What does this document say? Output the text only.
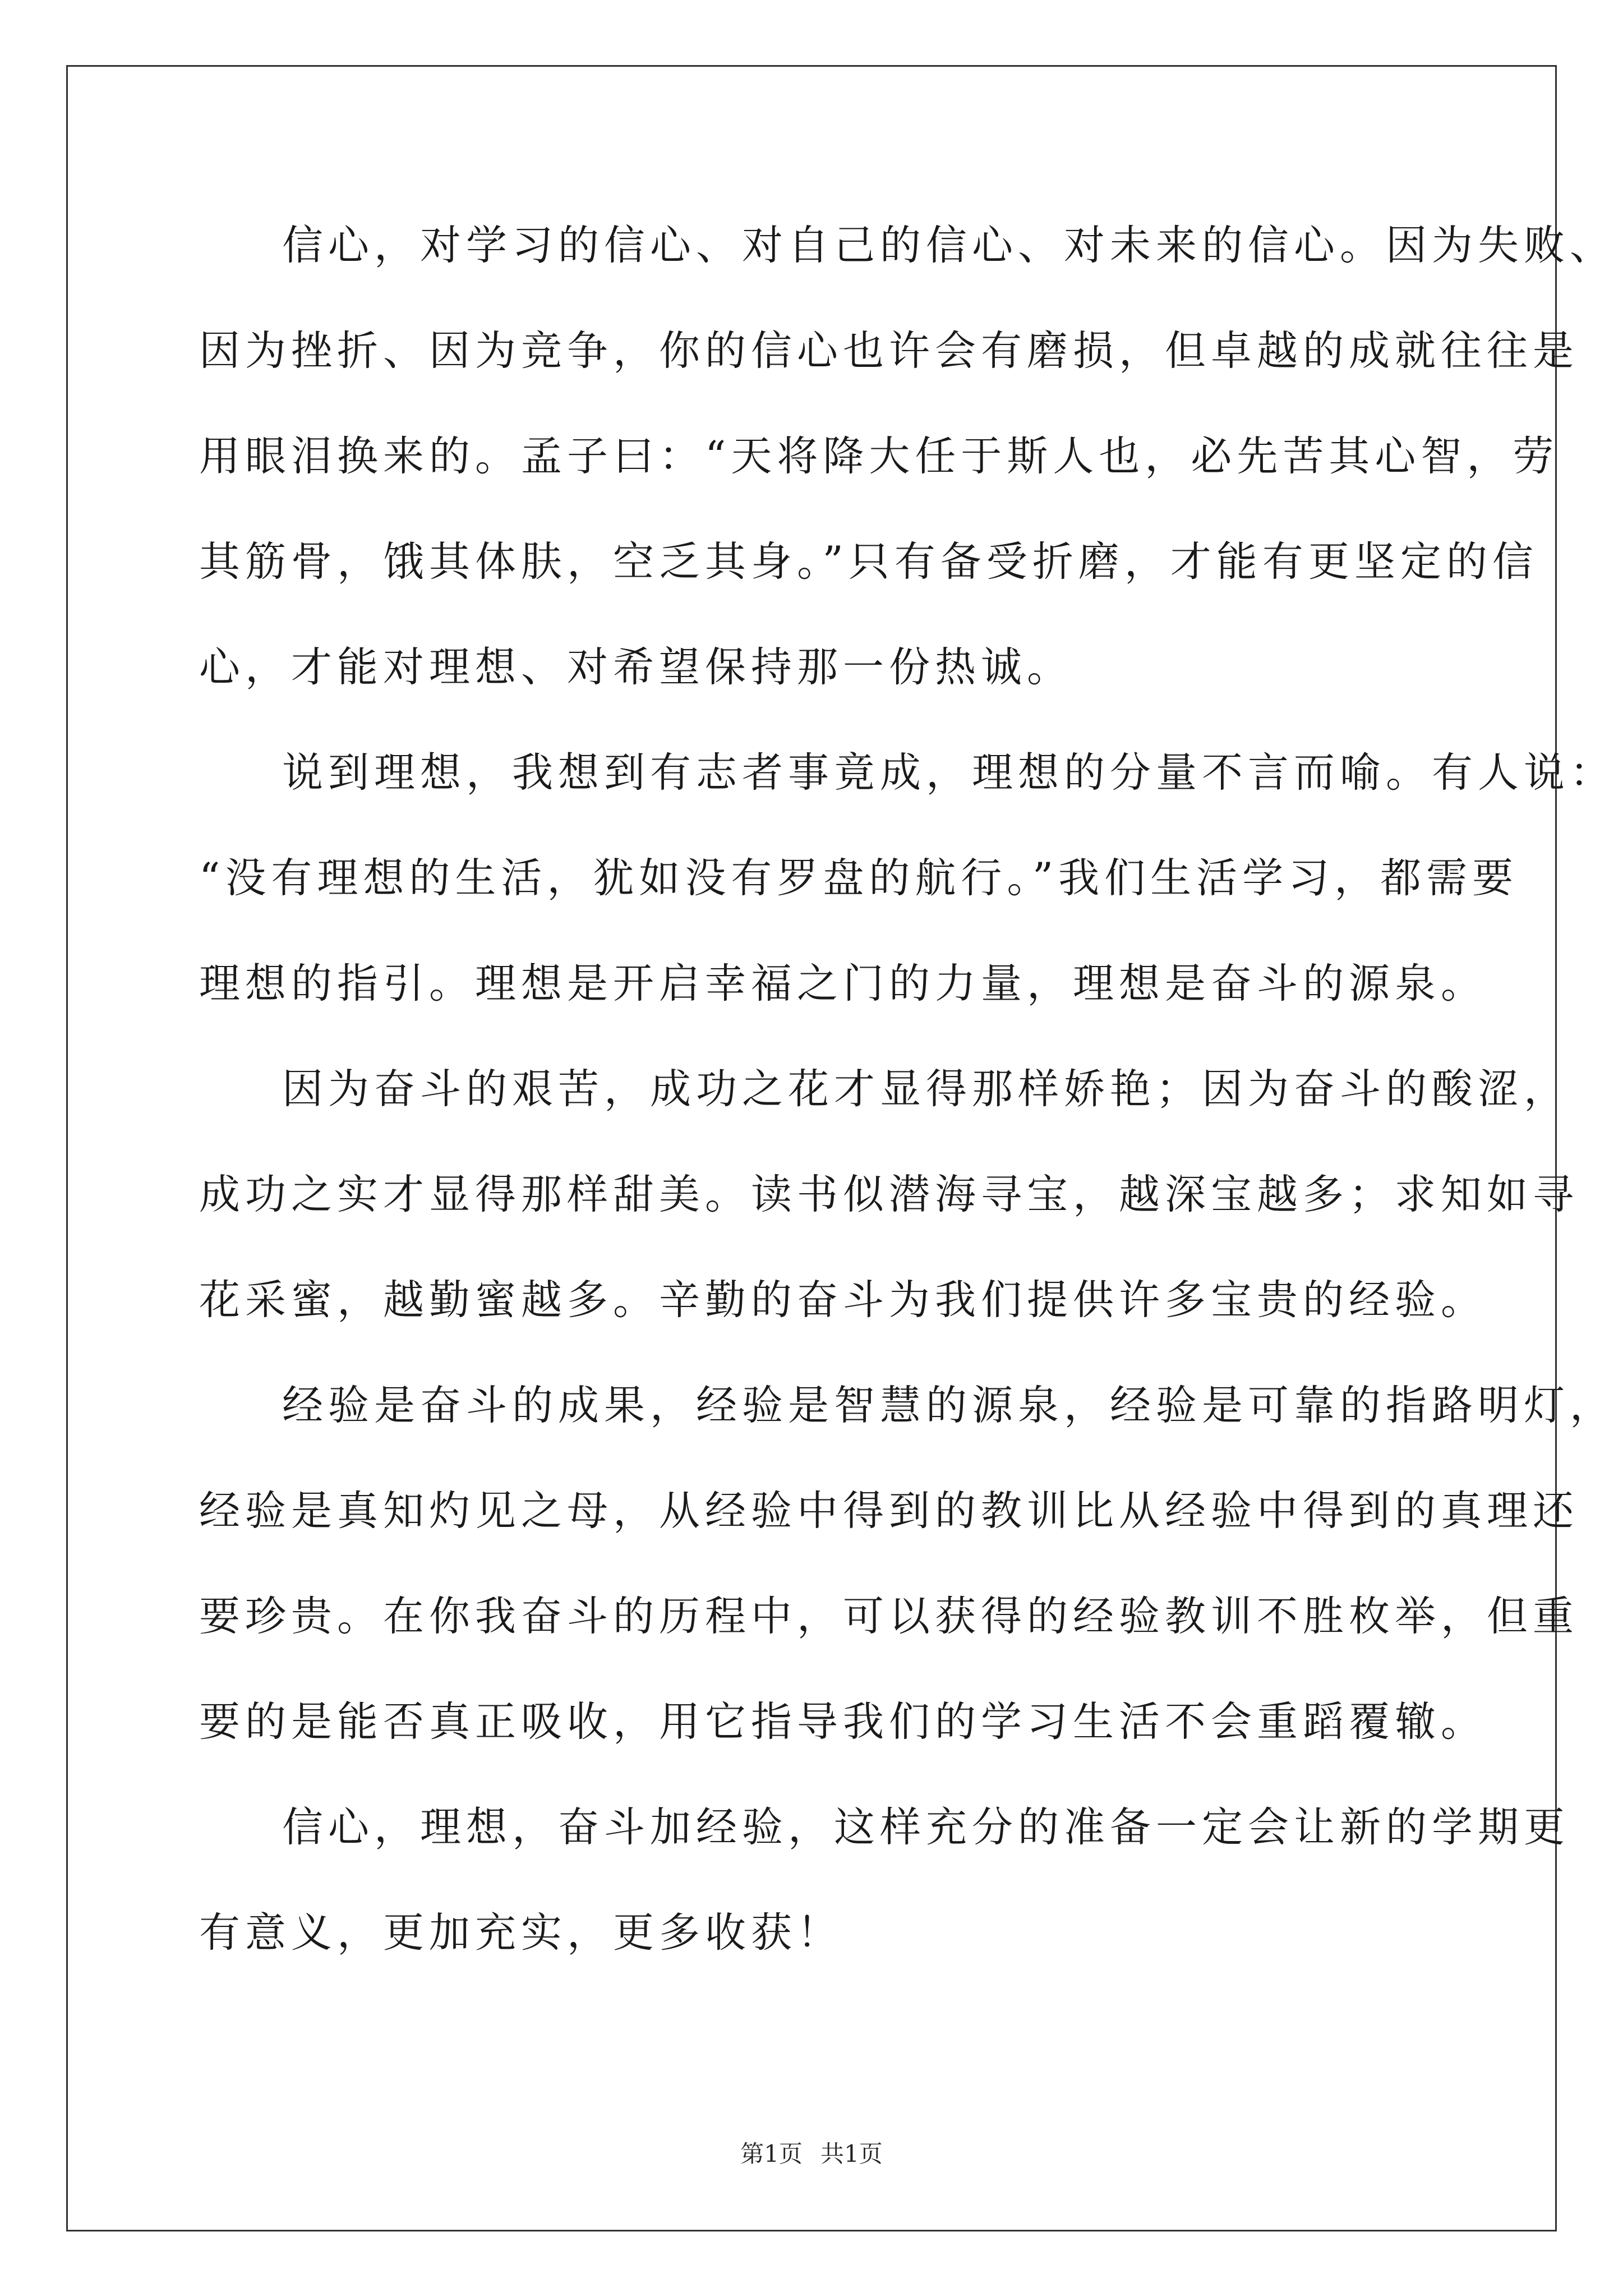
信心，对学习的信心、对自己的信心、对未来的信心。因为失败、
因为挫折、因为竞争，你的信心也许会有磨损，但卓越的成就往往是
用眼泪换来的。孟子曰：“天将降大任于斯人也，必先苦其心智，劳
其筋骨，饿其体肤，空乏其身。”只有备受折磨，才能有更坚定的信
心，才能对理想、对希望保持那一份热诚。
说到理想，我想到有志者事竟成，理想的分量不言而喻。有人说：
“没有理想的生活，犹如没有罗盘的航行。”我们生活学习，都需要
理想的指引。理想是开启幸福之门的力量，理想是奋斗的源泉。
因为奋斗的艰苦，成功之花才显得那样娇艳；因为奋斗的酸涩，
成功之实才显得那样甜美。读书似潜海寻宝，越深宝越多；求知如寻
花采蜜，越勤蜜越多。辛勤的奋斗为我们提供许多宝贵的经验。
经验是奋斗的成果，经验是智慧的源泉，经验是可靠的指路明灯，
经验是真知灼见之母，从经验中得到的教训比从经验中得到的真理还
要珍贵。在你我奋斗的历程中，可以获得的经验教训不胜枚举，但重
要的是能否真正吸收，用它指导我们的学习生活不会重蹈覆辙。
信心，理想，奋斗加经验，这样充分的准备一定会让新的学期更
有意义，更加充实，更多收获！
第1页 共1页
